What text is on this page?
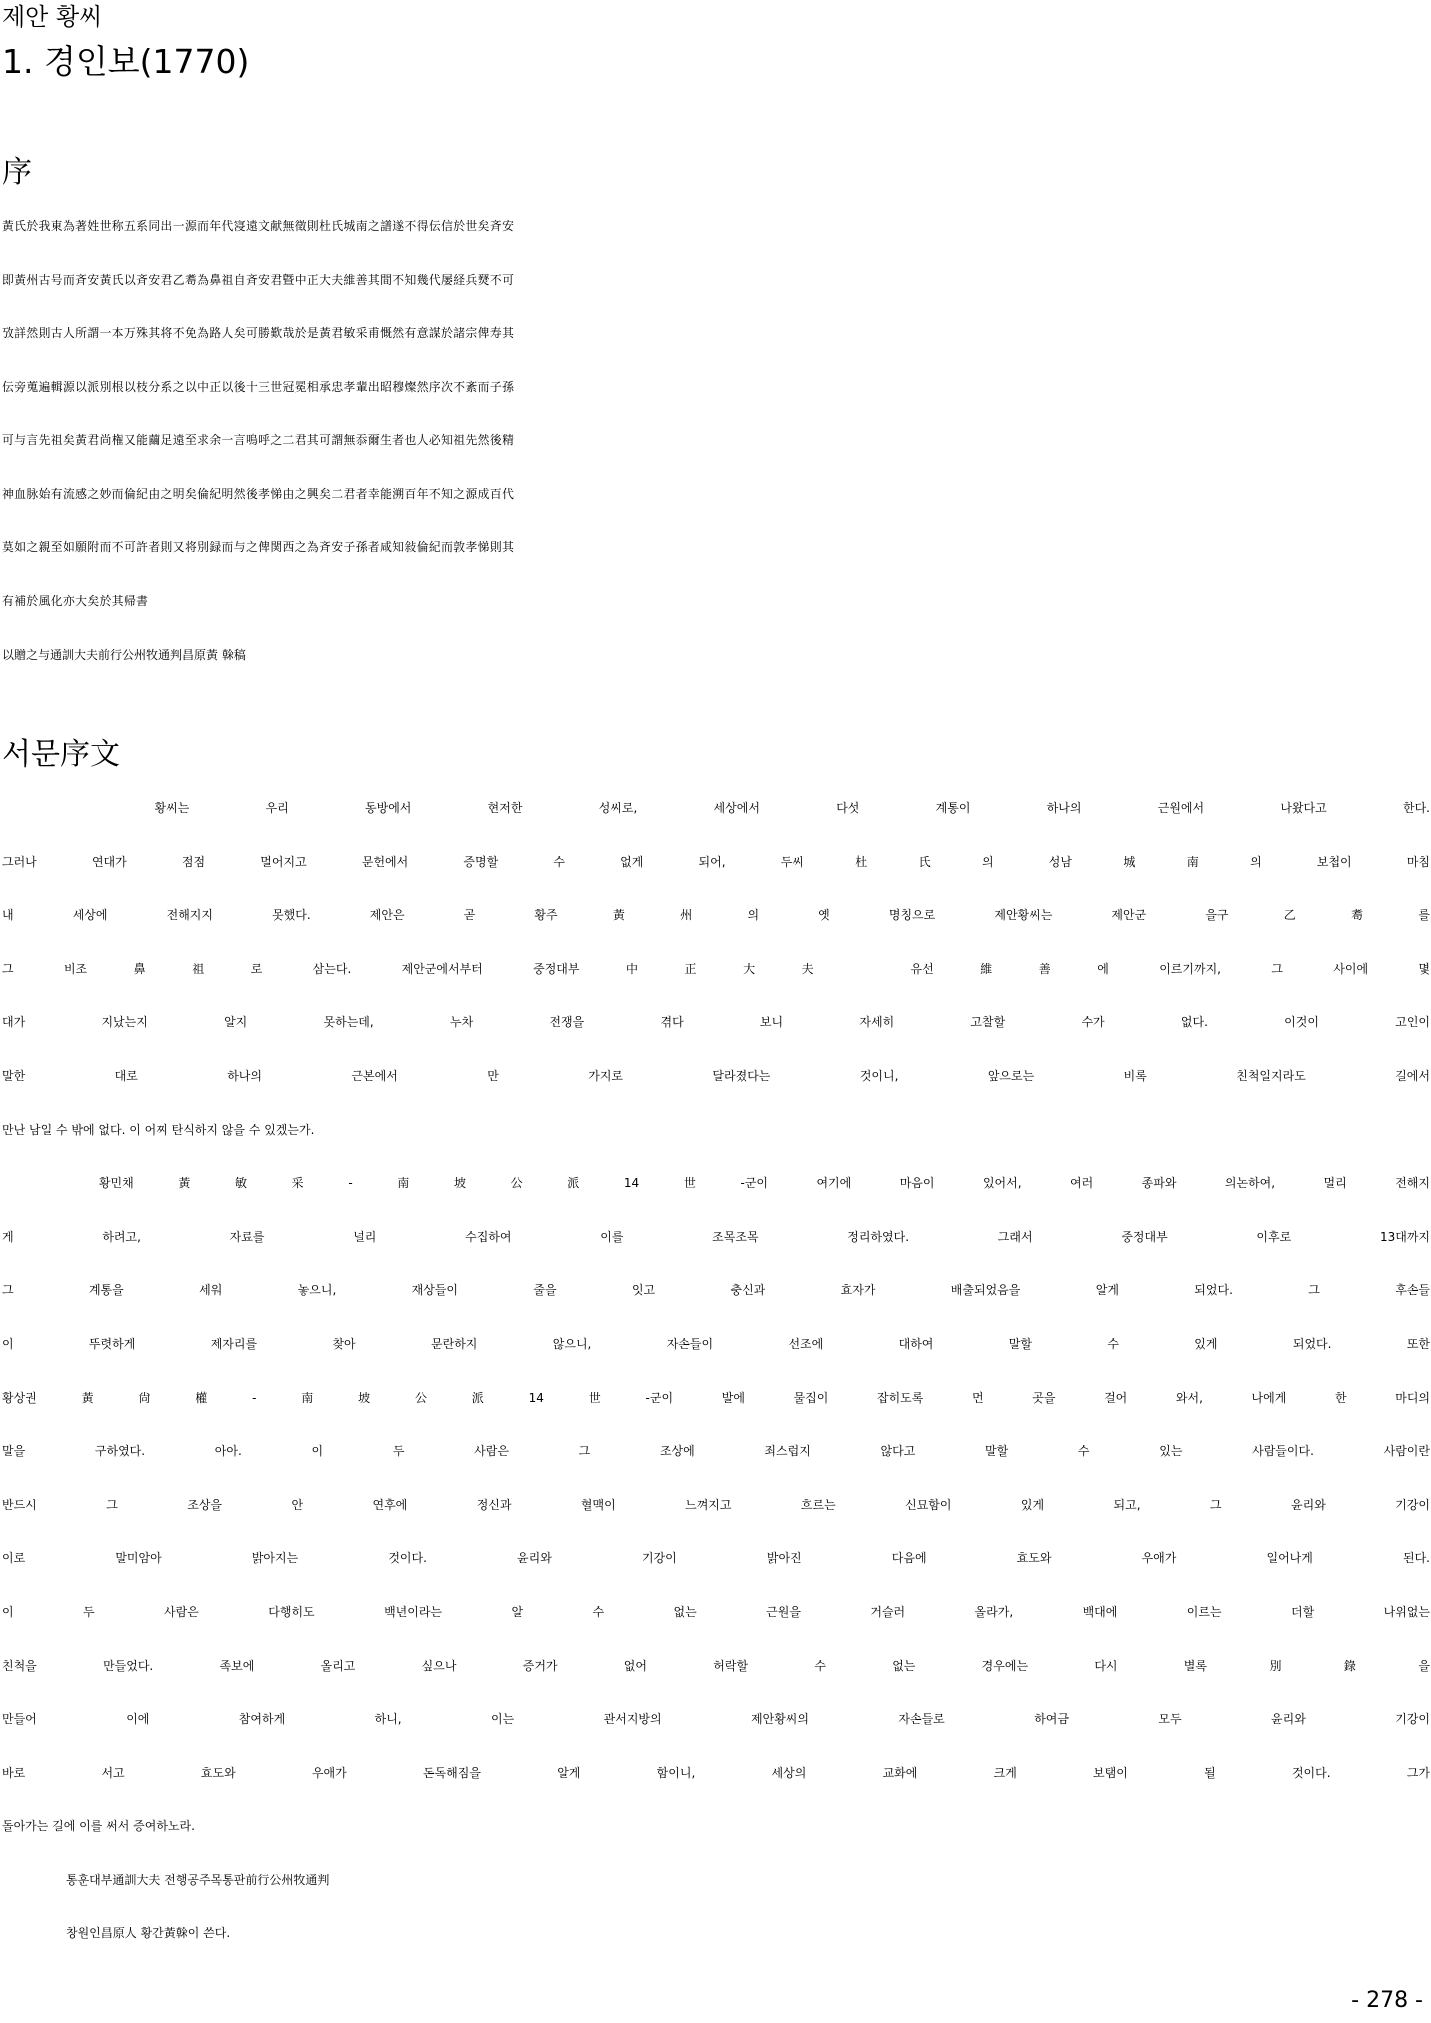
제안 황씨
1. 경인보(1770)
序
黃氏於我東為著姓世称五系同出一源而年代寖遠文献無徵則杜氏城南之譜遂不得伝信於世矣斉安
即黃州古号而斉安黃氏以斉安君乙耈為鼻祖自斉安君曁中正大夫維善其間不知幾代屡経兵燹不可
攷詳然則古人所謂一本万殊其将不免為路人矣可勝歎哉於是黃君敏采甫慨然有意謀於諸宗俾寿其
伝旁蒐遍輯源以派別根以枝分系之以中正以後十三世冠冕相承忠孝輩出昭穆燦然序次不紊而子孫
可与言先祖矣黃君尚権又能繭足遠至求余一言嗚呼之二君其可謂無忝爾生者也人必知祖先然後精
神血脉始有流感之妙而倫紀由之明矣倫紀明然後孝悌由之興矣二君者幸能溯百年不知之源成百代
莫如之親至如願附而不可許者則又将別録而与之俾関西之為斉安子孫者咸知敍倫紀而敦孝悌則其
有補於風化亦大矣於其帰書
以贈之与通訓大夫前行公州牧通判昌原黃 榦稿
서문序文
황씨는 우리 동방에서 현저한 성씨로, 세상에서 다섯 계통이 하나의 근원에서 나왔다고 한다.
그러나 연대가 점점 멀어지고 문헌에서 증명할 수 없게 되어, 두씨杜氏의 성남城南의 보첩이 마침
내 세상에 전해지지 못했다. 제안은 곧 황주黃州의 옛 명칭으로 제안황씨는 제안군 을구乙耈를
그 비조鼻祖로 삼는다. 제안군에서부터 중정대부中正大夫 유선維善에 이르기까지, 그 사이에 몇
대가 지났는지 알지 못하는데, 누차 전쟁을 겪다 보니 자세히 고찰할 수가 없다. 이것이 고인이
말한 대로 하나의 근본에서 만 가지로 달라졌다는 것이니, 앞으로는 비록 친척일지라도 길에서
만난 남일 수 밖에 없다. 이 어찌 탄식하지 않을 수 있겠는가.
황민채黃敏采-南坡公派14世-군이 여기에 마음이 있어서, 여러 종파와 의논하여, 멀리 전해지
게 하려고, 자료를 널리 수집하여 이를 조목조목 정리하였다. 그래서 중정대부 이후로 13대까지
그 계통을 세워 놓으니, 재상들이 줄을 잇고 충신과 효자가 배출되었음을 알게 되었다. 그 후손들
이 뚜렷하게 제자리를 찾아 문란하지 않으니, 자손들이 선조에 대하여 말할 수 있게 되었다. 또한
황상권黃尙權-南坡公派14世-군이 발에 물집이 잡히도록 먼 곳을 걸어 와서, 나에게 한 마디의
말을 구하였다. 아아. 이 두 사람은 그 조상에 죄스럽지 않다고 말할 수 있는 사람들이다. 사람이란
반드시 그 조상을 안 연후에 정신과 혈맥이 느껴지고 흐르는 신묘함이 있게 되고, 그 윤리와 기강이
이로 말미암아 밝아지는 것이다. 윤리와 기강이 밝아진 다음에 효도와 우애가 일어나게 된다.
이 두 사람은 다행히도 백년이라는 알 수 없는 근원을 거슬러 올라가, 백대에 이르는 더할 나위없는
친척을 만들었다. 족보에 올리고 싶으나 증거가 없어 허락할 수 없는 경우에는 다시 별록別錄을
만들어 이에 참여하게 하니, 이는 관서지방의 제안황씨의 자손들로 하여금 모두 윤리와 기강이
바로 서고 효도와 우애가 돈독해짐을 알게 함이니, 세상의 교화에 크게 보탬이 될 것이다. 그가
돌아가는 길에 이를 써서 증여하노라.
통훈대부通訓大夫 전행공주목통판前行公州牧通判
창원인昌原人 황간黃榦이 쓴다.
- 278 -
